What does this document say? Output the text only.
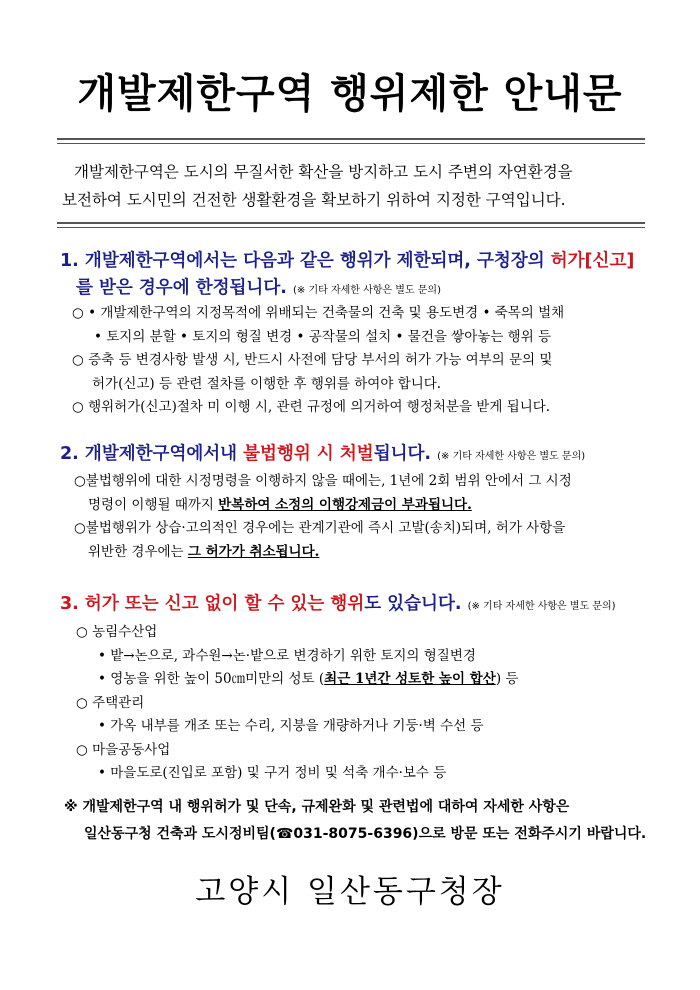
개발제한구역 행위제한 안내문
개발제한구역은 도시의 무질서한 확산을 방지하고 도시 주변의 자연환경을
보전하여 도시민의 건전한 생활환경을 확보하기 위하여 지정한 구역입니다.
1. 개발제한구역에서는 다음과 같은 행위가 제한되며, 구청장의 허가[신고]
를 받은 경우에 한정됩니다. (※ 기타 자세한 사항은 별도 문의)
○ • 개발제한구역의 지정목적에 위배되는 건축물의 건축 및 용도변경 • 죽목의 벌채
• 토지의 분할 • 토지의 형질 변경 • 공작물의 설치 • 물건을 쌓아놓는 행위 등
○ 증축 등 변경사항 발생 시, 반드시 사전에 담당 부서의 허가 가능 여부의 문의 및
허가(신고) 등 관련 절차를 이행한 후 행위를 하여야 합니다.
○ 행위허가(신고)절차 미 이행 시, 관련 규정에 의거하여 행정처분을 받게 됩니다.
2. 개발제한구역에서내 불법행위 시 처벌됩니다. (※ 기타 자세한 사항은 별도 문의)
○불법행위에 대한 시정명령을 이행하지 않을 때에는, 1년에 2회 범위 안에서 그 시정
명령이 이행될 때까지 반복하여 소정의 이행강제금이 부과됩니다.
○불법행위가 상습·고의적인 경우에는 관계기관에 즉시 고발(송치)되며, 허가 사항을
위반한 경우에는 그 허가가 취소됩니다.
3. 허가 또는 신고 없이 할 수 있는 행위도 있습니다. (※ 기타 자세한 사항은 별도 문의)
○ 농림수산업
• 밭→논으로, 과수원→논·밭으로 변경하기 위한 토지의 형질변경
• 영농을 위한 높이 50㎝미만의 성토 (최근 1년간 성토한 높이 합산) 등
○ 주택관리
• 가옥 내부를 개조 또는 수리, 지붕을 개량하거나 기둥·벽 수선 등
○ 마을공동사업
• 마을도로(진입로 포함) 및 구거 정비 및 석축 개수·보수 등
※ 개발제한구역 내 행위허가 및 단속, 규제완화 및 관련법에 대하여 자세한 사항은
일산동구청 건축과 도시정비팀(☎031-8075-6396)으로 방문 또는 전화주시기 바랍니다.
고양시 일산동구청장
